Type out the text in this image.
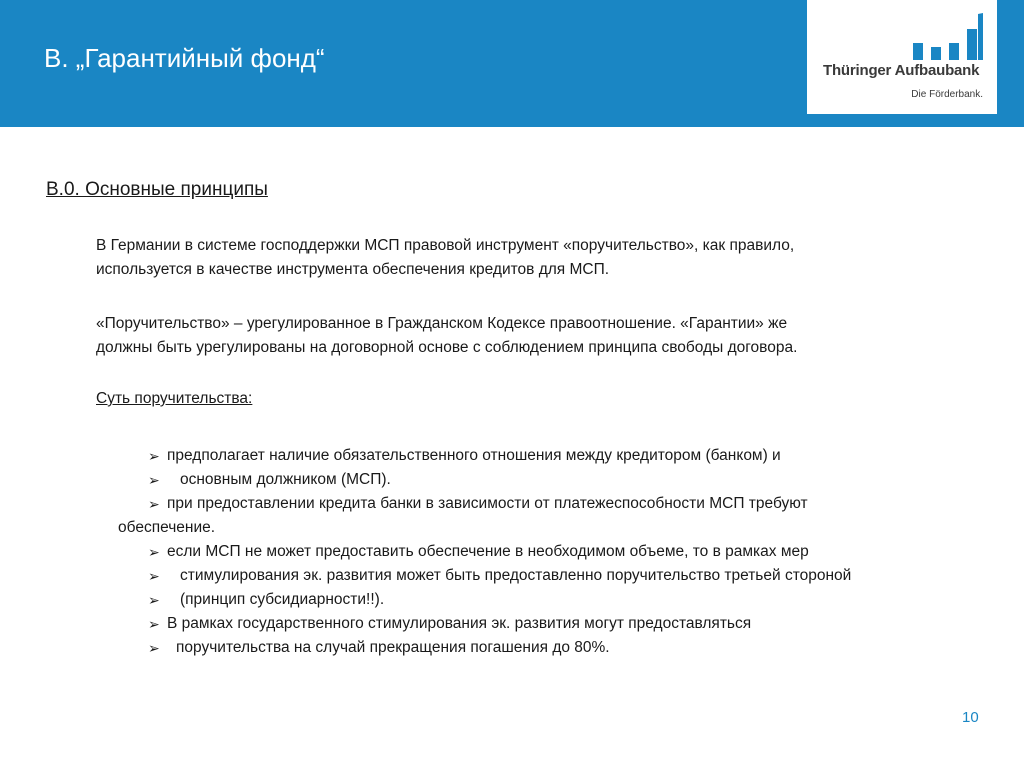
B. „Гарантийный фонд“	Thüringer Aufbaubank
Die Förderbank.
B.0. Основные принципы

В Германии в системе господдержки МСП правовой инструмент «поручительство», как правило,

используется в качестве инструмента обеспечения кредитов для МСП.

«Поручительство» – урегулированное в Гражданском Кодексе правоотношение. «Гарантии» же

должны быть урегулированы на договорной основе с соблюдением принципа свободы договора.

Суть поручительства:
➢ предполагает наличие обязательственного отношения между кредитором (банком) и
➢ основным должником (МСП).
➢ при предоставлении кредита банки в зависимости от платежеспособности МСП требуют
обеспечение.
➢ если МСП не может предоставить обеспечение в необходимом объеме, то в рамках мер
➢ стимулирования эк. развития может быть предоставленно поручительство третьей стороной
➢ (принцип субсидиарности!!).
➢ В рамках государственного стимулирования эк. развития могут предоставляться
➢ поручительства на случай прекращения погашения до 80%.
10
